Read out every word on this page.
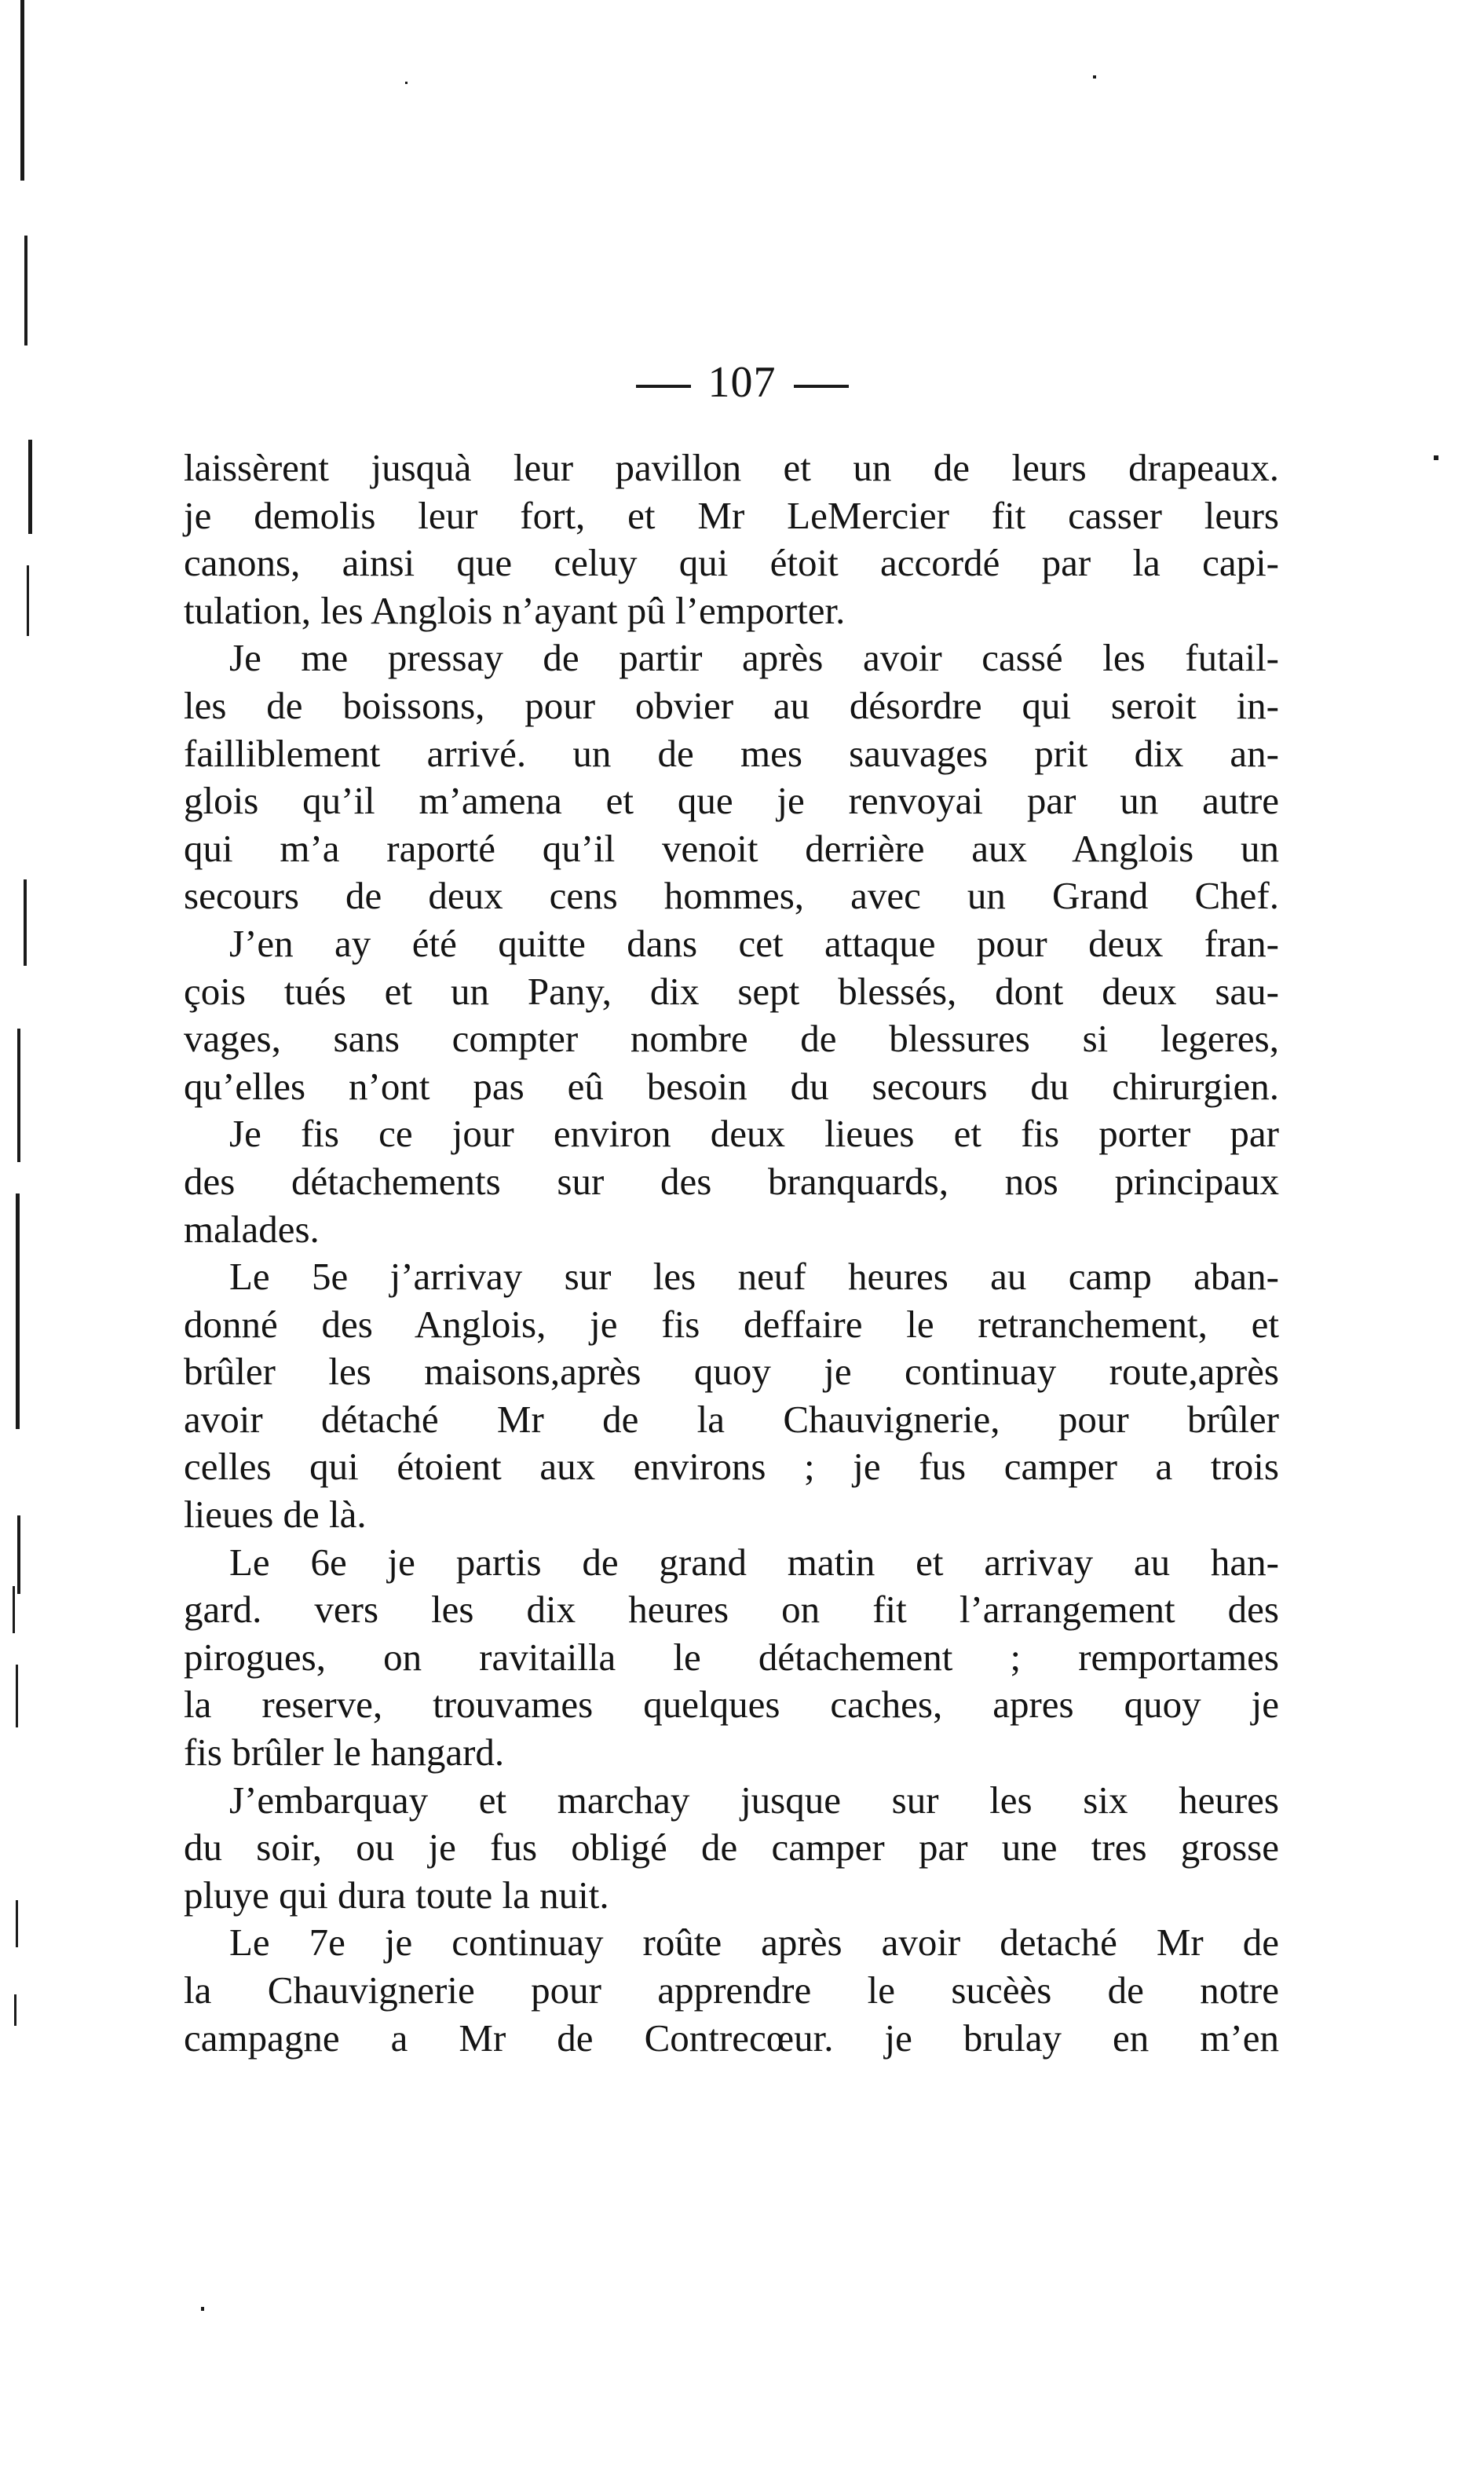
107

laissèrent jusquà leur pavillon et un de leurs drapeaux.
je demolis leur fort, et Mr LeMercier fit casser leurs
canons, ainsi que celuy qui étoit accordé par la capi-
tulation, les Anglois n’ayant pû l’emporter.

Je me pressay de partir après avoir cassé les futail-
les de boissons, pour obvier au désordre qui seroit in-
failliblement arrivé. un de mes sauvages prit dix an-
glois qu’il m’amena et que je renvoyai par un autre
qui m’a raporté qu’il venoit derrière aux Anglois un
secours de deux cens hommes, avec un Grand Chef.

J’en ay été quitte dans cet attaque pour deux fran-
çois tués et un Pany, dix sept blessés, dont deux sau-
vages, sans compter nombre de blessures si legeres,
qu’elles n’ont pas eû besoin du secours du chirurgien.

Je fis ce jour environ deux lieues et fis porter par
des détachements sur des branquards, nos principaux
malades.

Le 5e j’arrivay sur les neuf heures au camp aban-
donné des Anglois, je fis deffaire le retranchement, et
brûler les maisons,après quoy je continuay route,après
avoir détaché Mr de la Chauvignerie, pour brûler
celles qui étoient aux environs ; je fus camper a trois
lieues de là.

Le 6e je partis de grand matin et arrivay au han-
gard. vers les dix heures on fit l’arrangement des
pirogues, on ravitailla le détachement ; remportames
la reserve, trouvames quelques caches, apres quoy je
fis brûler le hangard.

J’embarquay et marchay jusque sur les six heures
du soir, ou je fus obligé de camper par une tres grosse
pluye qui dura toute la nuit.

Le 7e je continuay roûte après avoir detaché Mr de
la Chauvignerie pour apprendre le sucèès de notre
campagne a Mr de Contrecœur. je brulay en m’en
